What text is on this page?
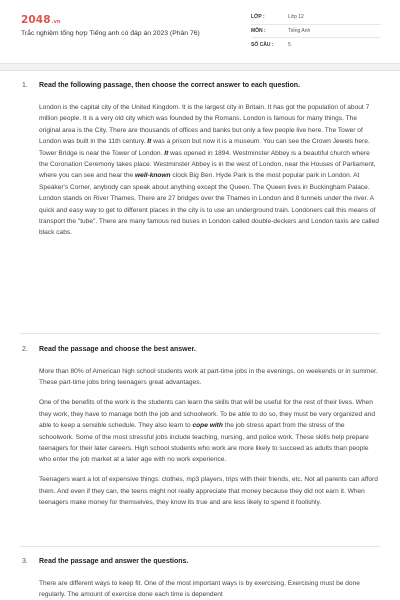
2048.vn
Trắc nghiệm tổng hợp Tiếng anh có đáp án 2023 (Phần 76)
LỚP :	Lớp 12
MÔN :	Tiếng Anh
SỐ CÂU :	5
1. Read the following passage, then choose the correct answer to each question.

London is the capital city of the United Kingdom. It is the largest city in Britain. It has got the population of about 7 million people. It is a very old city which was founded by the Romans. London is famous for many things. The original area is the City. There are thousands of offices and banks but only a few people live here. The Tower of London was built in the 11th century. It was a prison but now it is a museum. You can see the Crown Jewels here. Tower Bridge is near the Tower of London. It was opened in 1894. Westminster Abbey is a beautiful church where the Coronation Ceremony takes place. Westminster Abbey is in the west of London, near the Houses of Parliament, where you can see and hear the well-known clock Big Ben. Hyde Park is the most popular park in London. At Speaker's Corner, anybody can speak about anything except the Queen. The Queen lives in Buckingham Palace. London stands on River Thames. There are 27 bridges over the Thames in London and 8 tunnels under the river. A quick and easy way to get to different places in the city is to use an underground train. Londoners call this means of transport the "tube". There are many famous red buses in London called double-deckers and London taxis are called black cabs.

2. Read the passage and choose the best answer.

More than 80% of American high school students work at part-time jobs in the evenings, on weekends or in summer. These part-time jobs bring teenagers great advantages.

One of the benefits of the work is the students can learn the skills that will be useful for the rest of their lives. When they work, they have to manage both the job and schoolwork. To be able to do so, they must be very organized and able to keep a sensible schedule. They also learn to cope with the job stress apart from the stress of the schoolwork. Some of the most stressful jobs include teaching, nursing, and police work. These skills help prepare teenagers for their later careers. High school students who work are more likely to succeed as adults than people who enter the job market at a later age with no work experience.

Teenagers want a lot of expensive things: clothes, mp3 players, trips with their friends, etc. Not all parents can afford them. And even if they can, the teens might not really appreciate that money because they did not earn it. When teenagers make money for themselves, they know its true and are less likely to spend it foolishly.

3. Read the passage and answer the questions.

There are different ways to keep fit. One of the most important ways is by exercising. Exercising must be done regularly. The amount of exercise done each time is dependent
